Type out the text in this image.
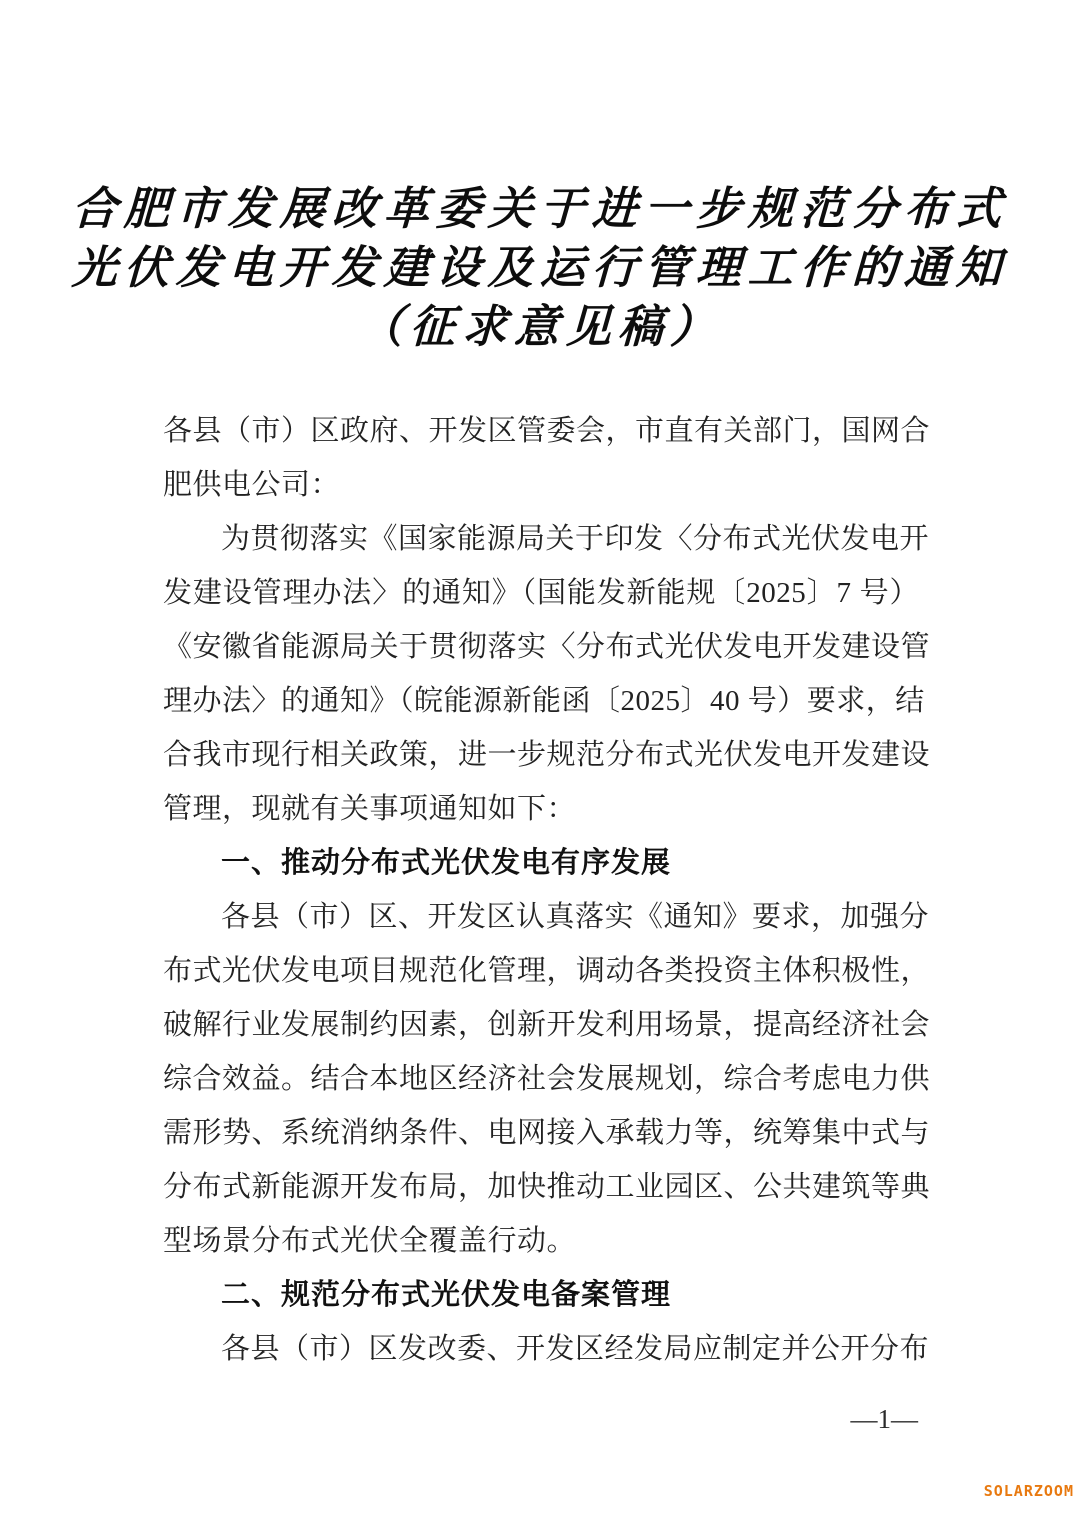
合肥市发展改革委关于进一步规范分布式
光伏发电开发建设及运行管理工作的通知
（征求意见稿）
各县（市）区政府、开发区管委会，市直有关部门，国网合
肥供电公司：
为贯彻落实《国家能源局关于印发〈分布式光伏发电开
发建设管理办法〉的通知》（国能发新能规〔2025〕7 号）
《安徽省能源局关于贯彻落实〈分布式光伏发电开发建设管
理办法〉的通知》（皖能源新能函〔2025〕40 号）要求，结
合我市现行相关政策，进一步规范分布式光伏发电开发建设
管理，现就有关事项通知如下：
一、推动分布式光伏发电有序发展
各县（市）区、开发区认真落实《通知》要求，加强分
布式光伏发电项目规范化管理，调动各类投资主体积极性，
破解行业发展制约因素，创新开发利用场景，提高经济社会
综合效益。结合本地区经济社会发展规划，综合考虑电力供
需形势、系统消纳条件、电网接入承载力等，统筹集中式与
分布式新能源开发布局，加快推动工业园区、公共建筑等典
型场景分布式光伏全覆盖行动。
二、规范分布式光伏发电备案管理
各县（市）区发改委、开发区经发局应制定并公开分布
—1—
SOLARZOOM
